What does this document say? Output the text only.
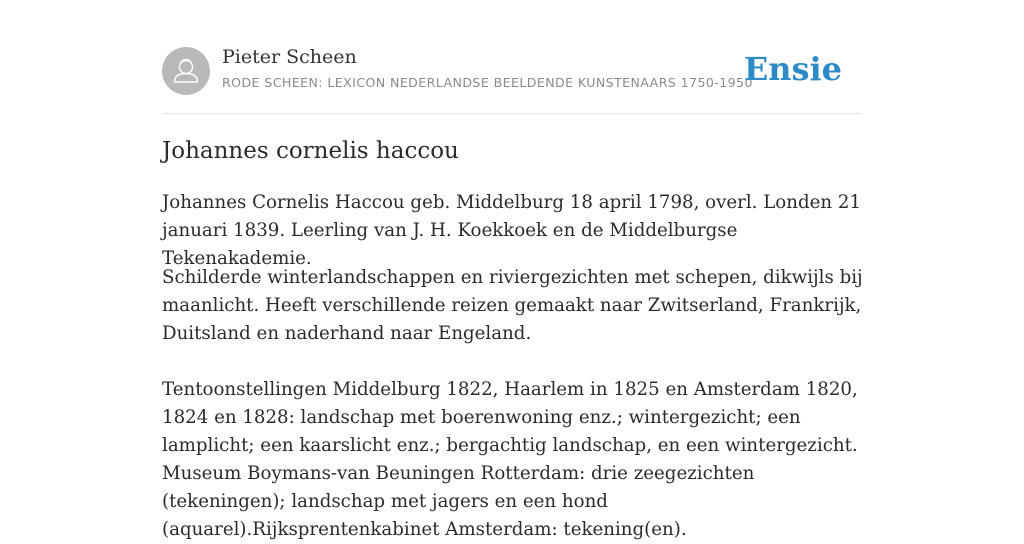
Pieter Scheen
RODE SCHEEN: LEXICON NEDERLANDSE BEELDENDE KUNSTENAARS 1750-1950
Ensie
Johannes cornelis haccou

Johannes Cornelis Haccou geb. Middelburg 18 april 1798, overl. Londen 21 januari 1839. Leerling van J. H. Koekkoek en de Middelburgse Tekenakademie.

Schilderde winterlandschappen en riviergezichten met schepen, dikwijls bij maanlicht. Heeft verschillende reizen gemaakt naar Zwitserland, Frankrijk, Duitsland en naderhand naar Engeland.

Tentoonstellingen Middelburg 1822, Haarlem in 1825 en Amsterdam 1820, 1824 en 1828: landschap met boerenwoning enz.; wintergezicht; een lamplicht; een kaarslicht enz.; bergachtig landschap, en een wintergezicht. Museum Boymans-van Beuningen Rotterdam: drie zeegezichten (tekeningen); landschap met jagers en een hond (aquarel).Rijksprentenkabinet Amsterdam: tekening(en).
